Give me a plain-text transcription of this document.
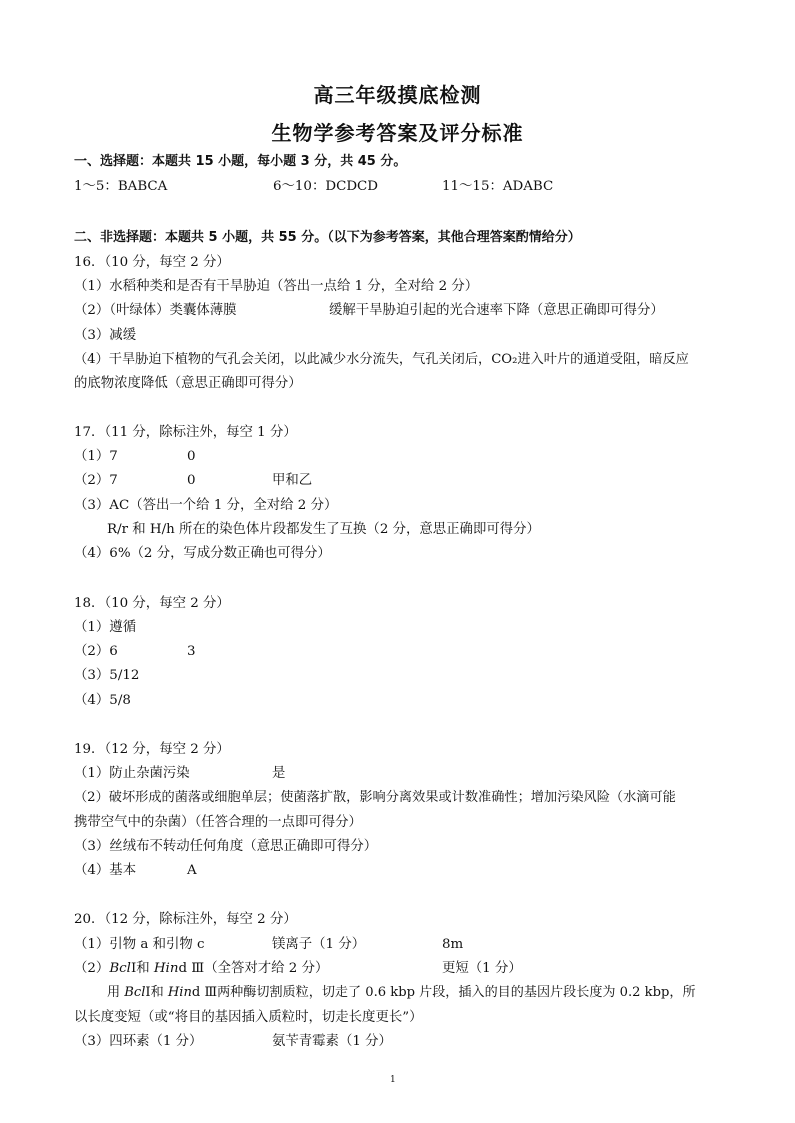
高三年级摸底检测
生物学参考答案及评分标准
一、选择题：本题共 15 小题，每小题 3 分，共 45 分。
1～5：BABCA	6～10：DCDCD	11～15：ADABC
二、非选择题：本题共 5 小题，共 55 分。（以下为参考答案，其他合理答案酌情给分）
16．（10 分，每空 2 分）
（1）水稻种类和是否有干旱胁迫（答出一点给 1 分，全对给 2 分）
（2）（叶绿体）类囊体薄膜	缓解干旱胁迫引起的光合速率下降（意思正确即可得分）
（3）减缓
（4）干旱胁迫下植物的气孔会关闭，以此减少水分流失，气孔关闭后，CO₂进入叶片的通道受阻，暗反应
的底物浓度降低（意思正确即可得分）
17．（11 分，除标注外，每空 1 分）
（1）7	0
（2）7	0	甲和乙
（3）AC（答出一个给 1 分，全对给 2 分）
R/r 和 H/h 所在的染色体片段都发生了互换（2 分，意思正确即可得分）
（4）6%（2 分，写成分数正确也可得分）
18．（10 分，每空 2 分）
（1）遵循
（2）6	3
（3）5/12
（4）5/8
19．（12 分，每空 2 分）
（1）防止杂菌污染	是
（2）破坏形成的菌落或细胞单层；使菌落扩散，影响分离效果或计数准确性；增加污染风险（水滴可能
携带空气中的杂菌）（任答合理的一点即可得分）
（3）丝绒布不转动任何角度（意思正确即可得分）
（4）基本	A
20．（12 分，除标注外，每空 2 分）
（1）引物 a 和引物 c	镁离子（1 分）	8m
（2）BclⅠ和 Hind Ⅲ（全答对才给 2 分）	更短（1 分）
用 BclⅠ和 Hind Ⅲ两种酶切割质粒，切走了 0.6 kbp 片段，插入的目的基因片段长度为 0.2 kbp，所
以长度变短（或“将目的基因插入质粒时，切走长度更长”）
（3）四环素（1 分）	氨苄青霉素（1 分）
1
